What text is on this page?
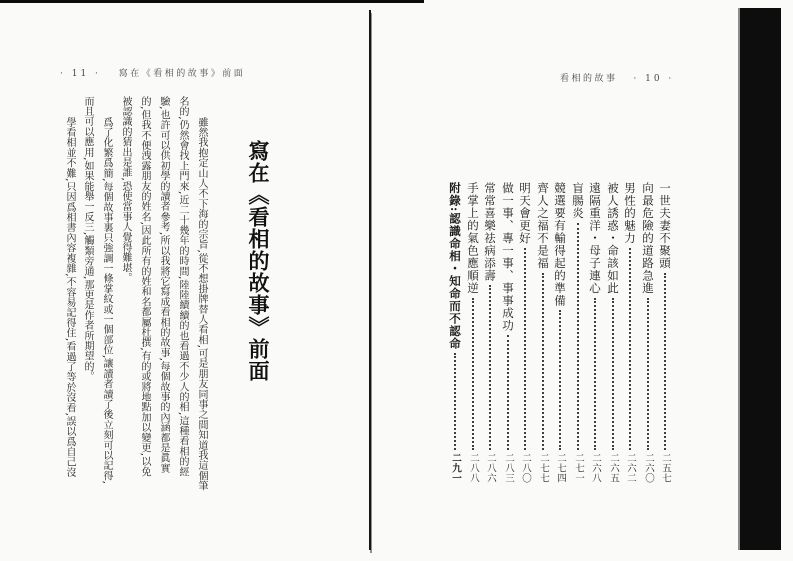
· 11 · 寫在《看相的故事》前面
寫在︽看相的故事︾前面
雖然我抱定山人不下海的宗旨,從不想掛牌替人看相,可是朋友同事之間知道我這個筆
名的,仍然會找上門來,近二十幾年的時間,陸陸續續的也看過不少人的相,這種看相的經
驗,也許可以供初學的讀者參考,所以我將它寫成看相的故事,每個故事的內涵都是眞實
的,但我不便洩露朋友的姓名,因此所有的姓和名都屬杜撰,有的或將地點加以變更,以免
被認識的猜出是誰,恐使當事人覺得難堪。
爲了化繁爲簡,每個故事裏只強調一條掌紋或一個部位,讓讀者讀了後立刻可以記得,
而且可以應用,如果能舉一反三,觸類旁通,那更是作者所期望的。
學看相並不難,只因爲相書內容複雜,不容易記得住,看過了等於沒看,誤以爲自己沒
看相的故事 · 10 ·
一世夫妻不聚頭
二五七
向最危險的道路急進
二六〇
男性的魅力
二六二
被人誘惑・命該如此
二六五
遠隔重洋・母子連心
二六八
盲腸炎
二七一
競選要有輸得起的準備
二七四
齊人之福不是福
二七七
明天會更好
二八〇
做一事、專一事、事事成功
二八三
常常喜樂祛病添壽
二八六
手掌上的氣色應順逆
二八八
附錄:認識命相・知命而不認命
二九一
